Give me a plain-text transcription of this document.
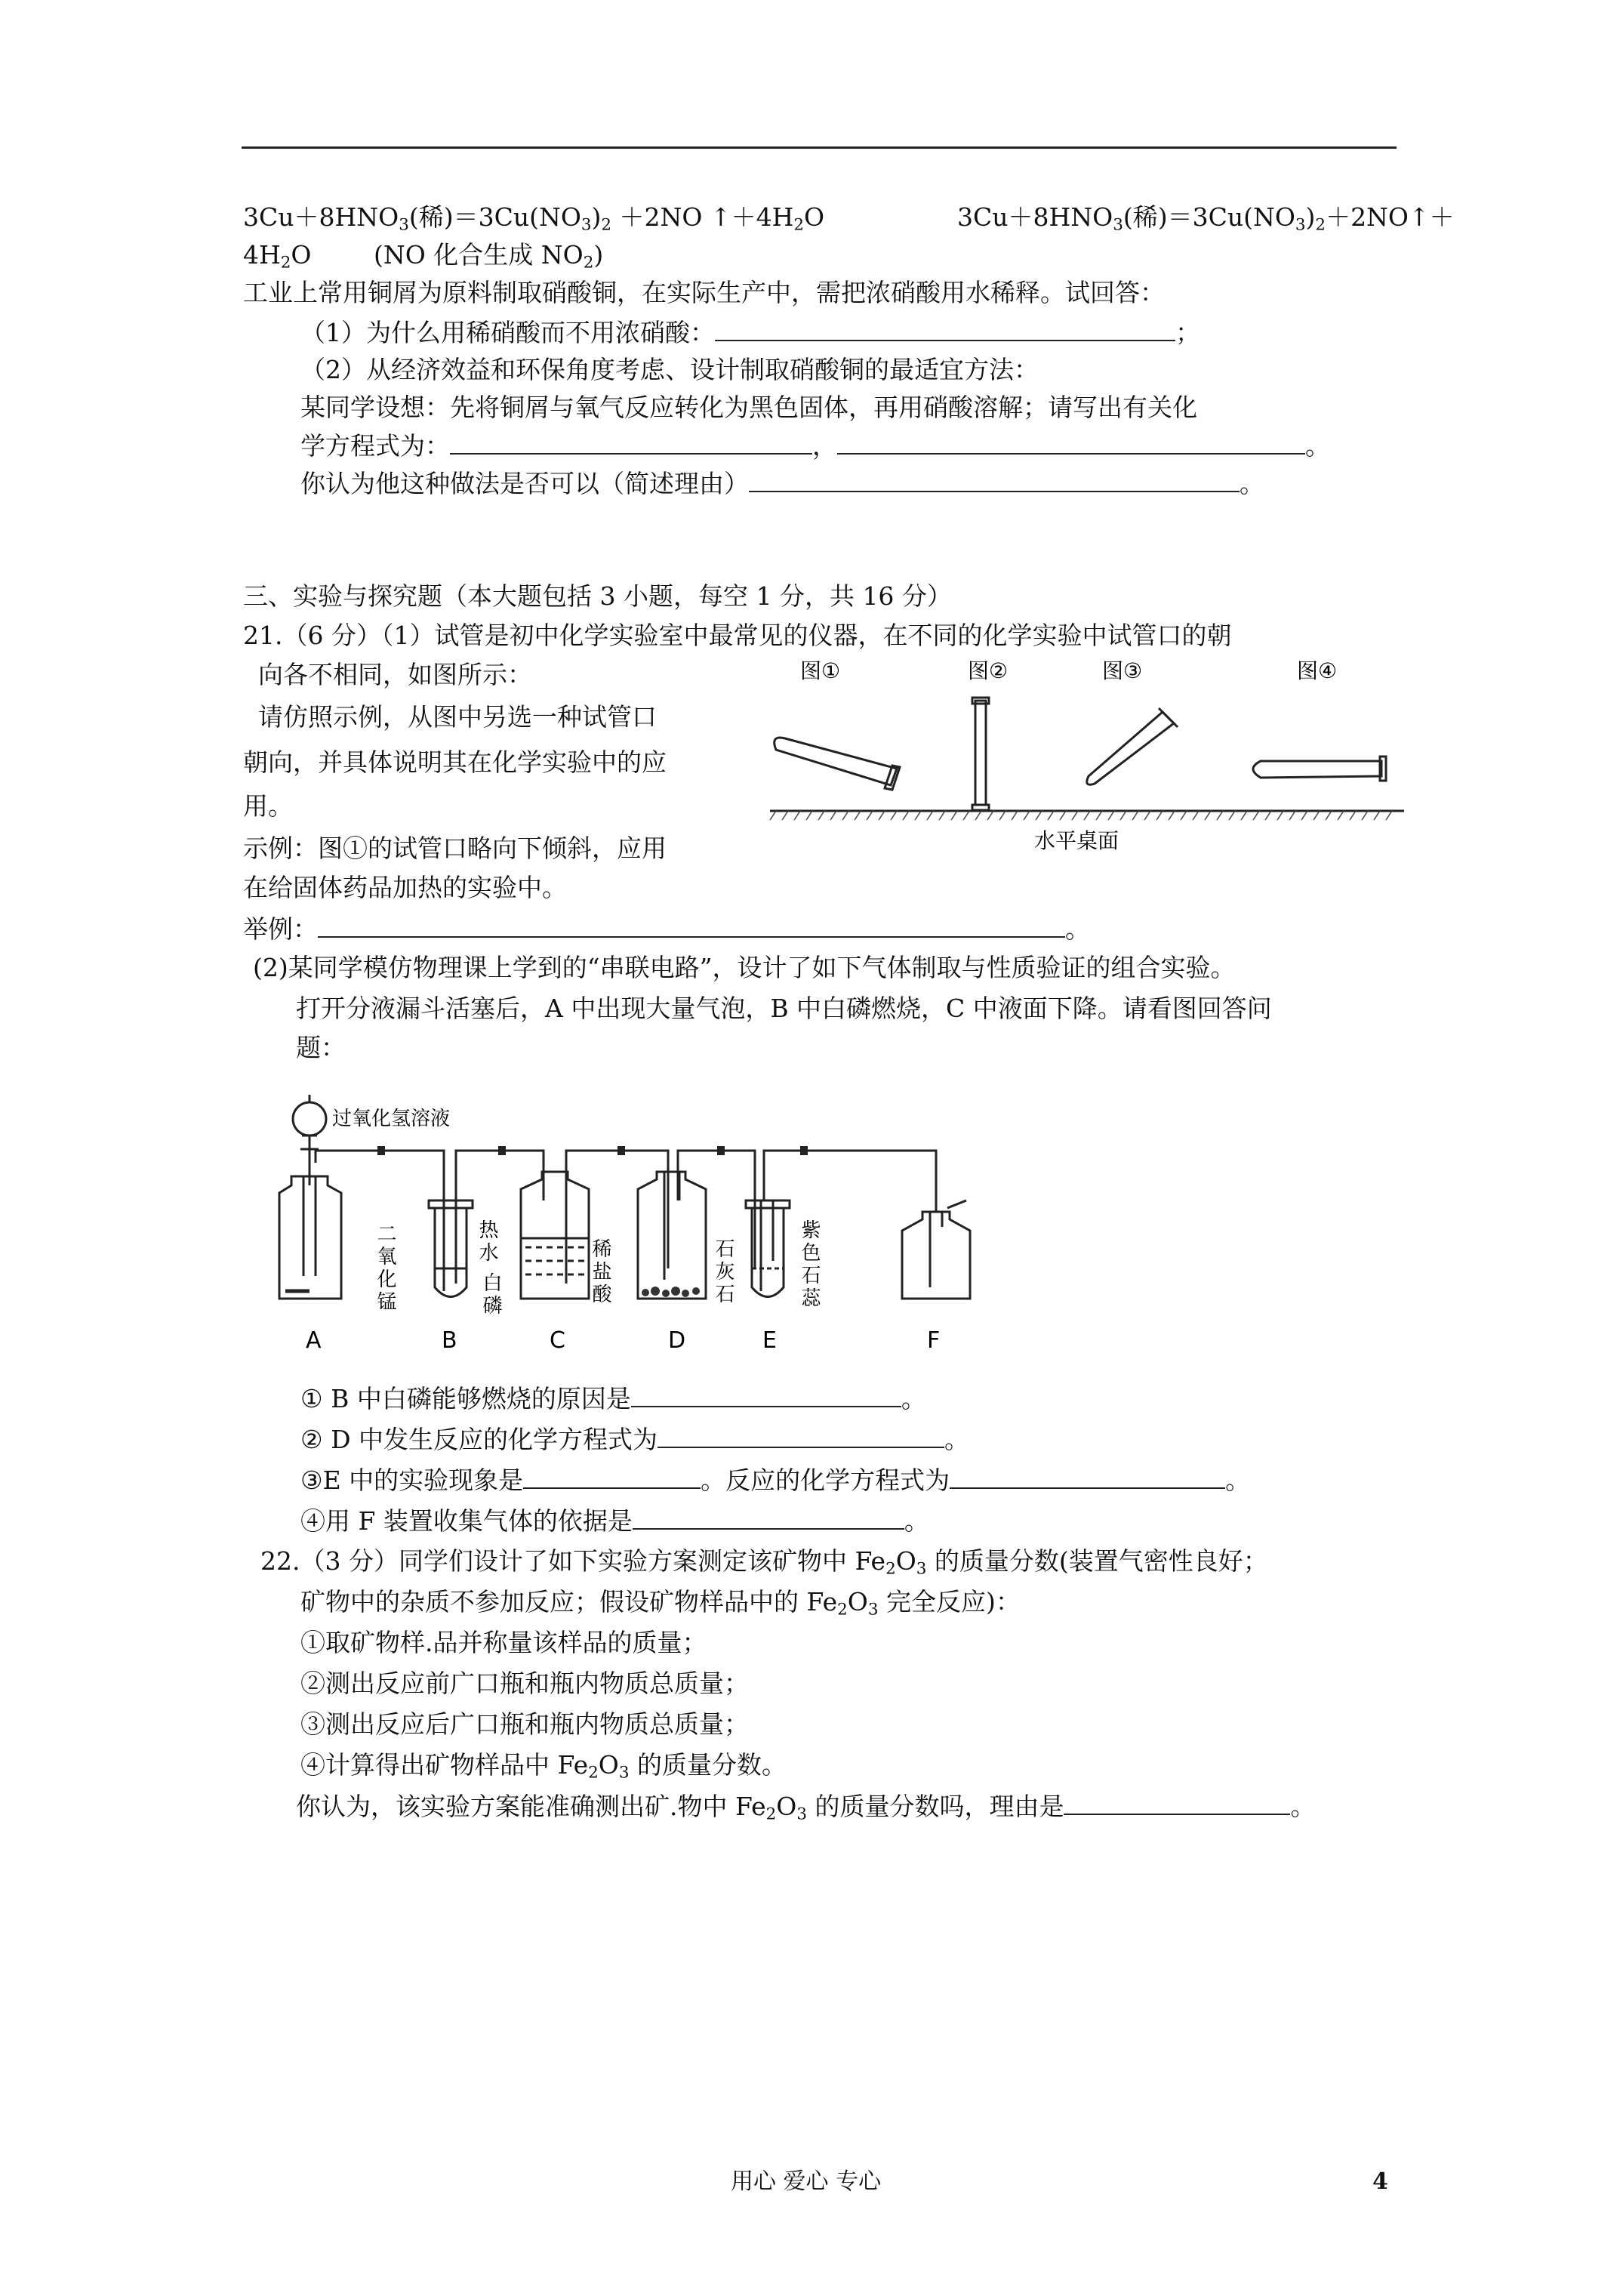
$3Cu+8HNO_3$(稀)$=3Cu(NO_3)_2 +2NO$ $↑+4H_2O$	$3Cu+8HNO_3$(稀)$=3Cu(NO_3)_2+2NO↑+$
$4H_2O$	(NO 化合生成 $NO_2$)
工业上常用铜屑为原料制取硝酸铜，在实际生产中，需把浓硝酸用水稀释。试回答：
（1）为什么用稀硝酸而不用浓硝酸：	；
（2）从经济效益和环保角度考虑、设计制取硝酸铜的最适宜方法：
某同学设想：先将铜屑与氧气反应转化为黑色固体，再用硝酸溶解；请写出有关化
学方程式为：	，	。
你认为他这种做法是否可以（简述理由）	。
三、实验与探究题（本大题包括 3 小题，每空 1 分，共 16 分）
21.（6 分）（1）试管是初中化学实验室中最常见的仪器，在不同的化学实验中试管口的朝
向各不相同，如图所示：
请仿照示例，从图中另选一种试管口
朝向，并具体说明其在化学实验中的应
用。
示例：图①的试管口略向下倾斜，应用
在给固体药品加热的实验中。
举例：	。
图①	图②	图③	图④
水平桌面
(2)某同学模仿物理课上学到的“串联电路”，设计了如下气体制取与性质验证的组合实验。
打开分液漏斗活塞后，A 中出现大量气泡，B 中白磷燃烧，C 中液面下降。请看图回答问
题：
过氧化氢溶液
二氧化锰	热水
白磷	稀盐酸	石灰石	紫色石蕊
A	B	C	D	E	F
① B 中白磷能够燃烧的原因是	。
② D 中发生反应的化学方程式为	。
③E 中的实验现象是	。反应的化学方程式为	。
④用 F 装置收集气体的依据是	。
22.（3 分）同学们设计了如下实验方案测定该矿物中 $Fe_2O_3$ 的质量分数(装置气密性良好；
矿物中的杂质不参加反应；假设矿物样品中的 $Fe_2O_3$ 完全反应)：
①取矿物样.品并称量该样品的质量；
②测出反应前广口瓶和瓶内物质总质量；
③测出反应后广口瓶和瓶内物质总质量；
④计算得出矿物样品中 $Fe_2O_3$ 的质量分数。
你认为，该实验方案能准确测出矿.物中 $Fe_2O_3$ 的质量分数吗，理由是	。
用心 爱心 专心	4
